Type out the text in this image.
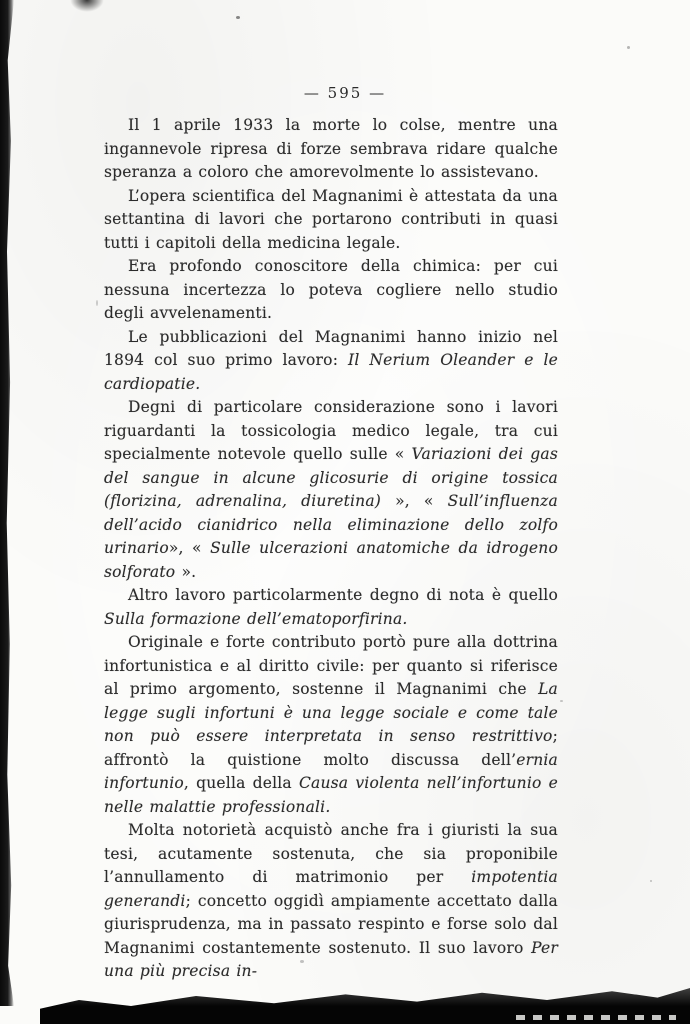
— 595 —

Il 1 aprile 1933 la morte lo colse, mentre una ingannevole ripresa di forze sembrava ridare qualche speranza a coloro che amorevolmente lo assistevano.

L’opera scientifica del Magnanimi è attestata da una settantina di lavori che portarono contributi in quasi tutti i capitoli della medicina legale.

Era profondo conoscitore della chimica: per cui nessuna incertezza lo poteva cogliere nello studio degli avvelenamenti.

Le pubblicazioni del Magnanimi hanno inizio nel 1894 col suo primo lavoro: Il Nerium Oleander e le cardiopatie.

Degni di particolare considerazione sono i lavori riguardanti la tossicologia medico legale, tra cui specialmente notevole quello sulle « Variazioni dei gas del sangue in alcune glicosurie di origine tossica (florizina, adrenalina, diuretina) », « Sull’influenza dell’acido cianidrico nella eliminazione dello zolfo urinario», « Sulle ulcerazioni anatomiche da idrogeno solforato ».

Altro lavoro particolarmente degno di nota è quello Sulla formazione dell’ematoporfirina.

Originale e forte contributo portò pure alla dottrina infortunistica e al diritto civile: per quanto si riferisce al primo argomento, sostenne il Magnanimi che La legge sugli infortuni è una legge sociale e come tale non può essere interpretata in senso restrittivo; affrontò la quistione molto discussa dell’ernia infortunio, quella della Causa violenta nell’infortunio e nelle malattie professionali.

Molta notorietà acquistò anche fra i giuristi la sua tesi, acutamente sostenuta, che sia proponibile l’annullamento di matrimonio per impotentia generandi; concetto oggidì ampiamente accettato dalla giurisprudenza, ma in passato respinto e forse solo dal Magnanimi costantemente sostenuto. Il suo lavoro Per una più precisa in-
